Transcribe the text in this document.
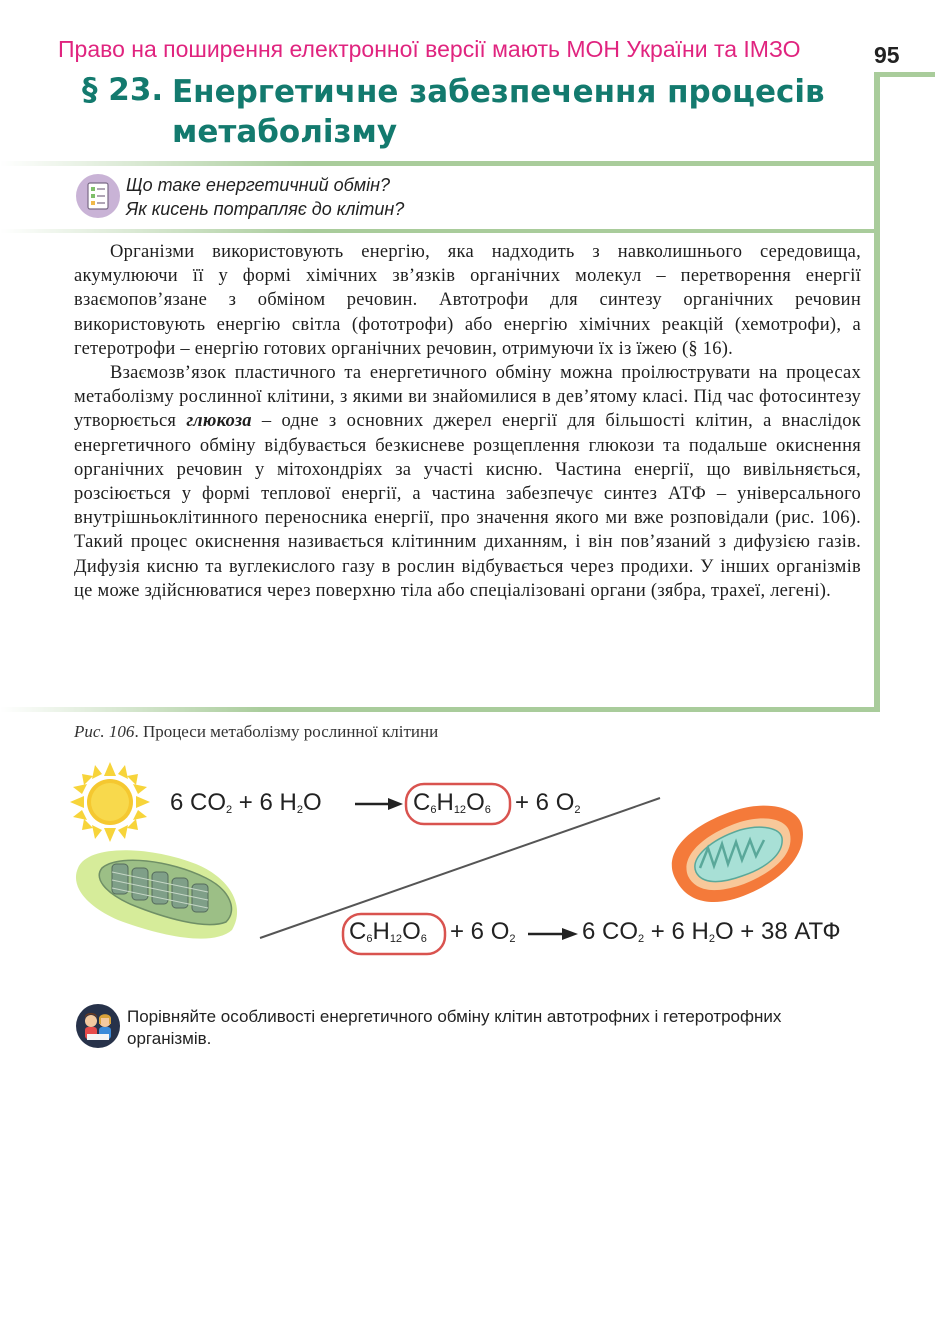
Право на поширення електронної версії мають МОН України та ІМЗО	95
§ 23. Енергетичне забезпечення процесів метаболізму
Що таке енергетичний обмін?
Як кисень потрапляє до клітин?

Організми використовують енергію, яка надходить з навколишнього середовища, акумулюючи її у формі хімічних зв’язків органічних молекул – перетворення енергії взаємопов’язане з обміном речовин. Автотрофи для синтезу органічних речовин використовують енергію світла (фототрофи) або енергію хімічних реакцій (хемотрофи), а гетеротрофи – енергію готових органічних речовин, отримуючи їх із їжею (§ 16).

Взаємозв’язок пластичного та енергетичного обміну можна проілюструвати на процесах метаболізму рослинної клітини, з якими ви знайомилися в дев’ятому класі. Під час фотосинтезу утворюється глюкоза – одне з основних джерел енергії для більшості клітин, а внаслідок енергетичного обміну відбувається безкисневе розщеплення глюкози та подальше окиснення органічних речовин у мітохондріях за участі кисню. Частина енергії, що вивільняється, розсіюється у формі теплової енергії, а частина забезпечує синтез АТФ – універсального внутрішньоклітинного переносника енергії, про значення якого ми вже розповідали (рис. 106). Такий процес окиснення називається клітинним диханням, і він пов’язаний з дифузією газів. Дифузія кисню та вуглекислого газу в рослин відбувається через продихи. У інших організмів це може здійснюватися через поверхню тіла або спеціалізовані органи (зябра, трахеї, легені).

Рис. 106. Процеси метаболізму рослинної клітини
6 $CO_2 + 6$ $H_2O$	$C_6H_{12}O_6 + 6$ $O_2$
$C_6H_{12}O_6 + 6$ $O_2$	6 $CO_2 + 6$ $H_2O + 38$ АТФ
Порівняйте особливості енергетичного обміну клітин автотрофних і гетеротрофних організмів.
